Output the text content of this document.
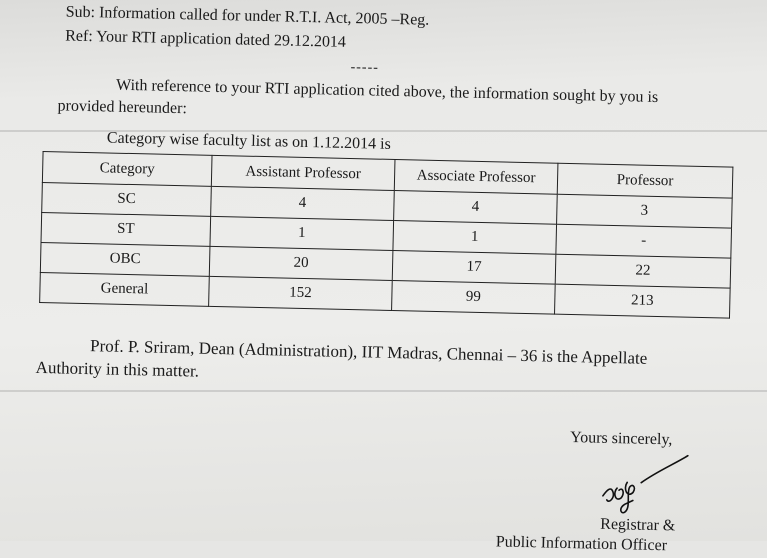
Sub: Information called for under R.T.I. Act, 2005 –Reg.
Ref: Your RTI application dated 29.12.2014
-----
With reference to your RTI application cited above, the information sought by you is
provided hereunder:
Category wise faculty list as on 1.12.2014 is
Category	Assistant Professor	Associate Professor	Professor
SC	4	4	3
ST	1	1	-
OBC	20	17	22
General	152	99	213
Prof. P. Sriram, Dean (Administration), IIT Madras, Chennai – 36 is the Appellate
Authority in this matter.
Yours sincerely,
Registrar &
Public Information Officer
